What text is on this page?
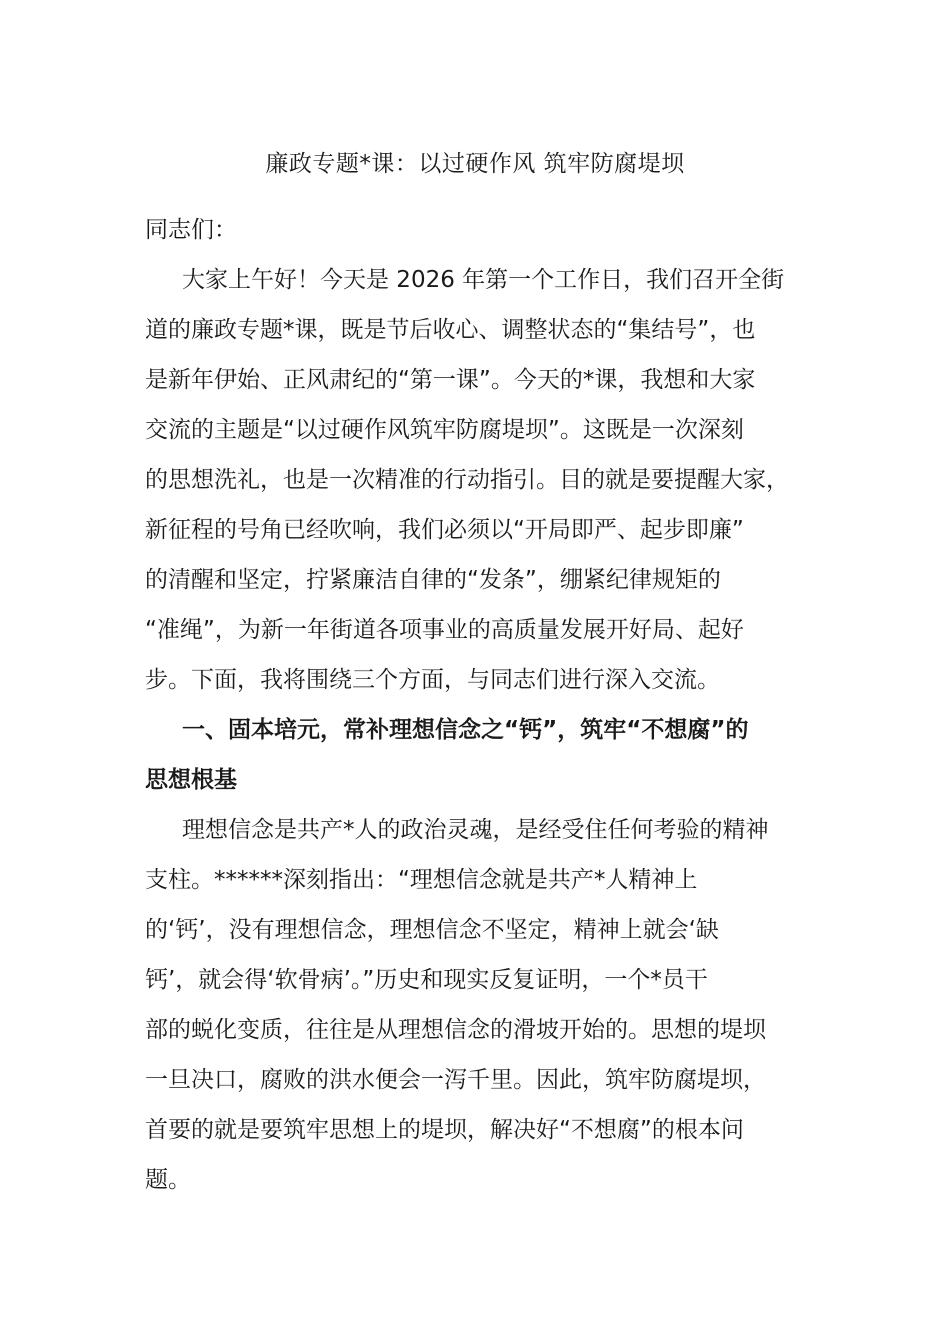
廉政专题*课：以过硬作风 筑牢防腐堤坝
同志们：
大家上午好！今天是 2026 年第一个工作日，我们召开全街
道的廉政专题*课，既是节后收心、调整状态的“集结号”，也
是新年伊始、正风肃纪的“第一课”。今天的*课，我想和大家
交流的主题是“以过硬作风筑牢防腐堤坝”。这既是一次深刻
的思想洗礼，也是一次精准的行动指引。目的就是要提醒大家，
新征程的号角已经吹响，我们必须以“开局即严、起步即廉”
的清醒和坚定，拧紧廉洁自律的“发条”，绷紧纪律规矩的
“准绳”，为新一年街道各项事业的高质量发展开好局、起好
步。下面，我将围绕三个方面，与同志们进行深入交流。
一、固本培元，常补理想信念之“钙”，筑牢“不想腐”的
思想根基
理想信念是共产*人的政治灵魂，是经受住任何考验的精神
支柱。******深刻指出：“理想信念就是共产*人精神上
的‘钙’，没有理想信念，理想信念不坚定，精神上就会‘缺
钙’，就会得‘软骨病’。”历史和现实反复证明，一个*员干
部的蜕化变质，往往是从理想信念的滑坡开始的。思想的堤坝
一旦决口，腐败的洪水便会一泻千里。因此，筑牢防腐堤坝，
首要的就是要筑牢思想上的堤坝，解决好“不想腐”的根本问
题。
